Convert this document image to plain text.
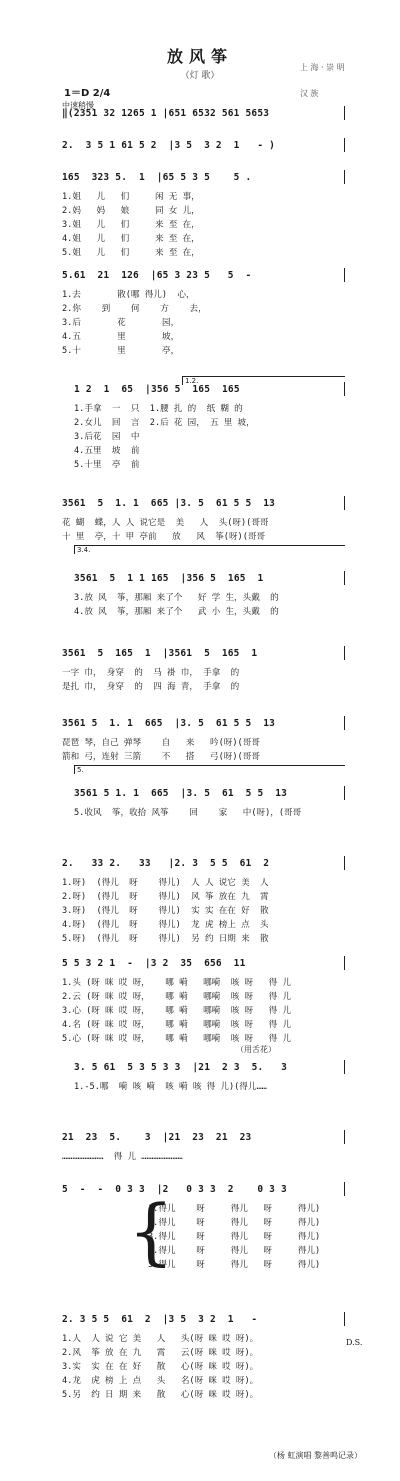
放风筝
（灯 歌）
上 海 · 崇 明
汉 族
1＝D 2/4
中速稍慢
‖(2351 32 1265 1 |651 6532 561 5653
2.  3 5 1 61 5 2  |3 5  3 2  1   - )
165  323 5.  1  |65 5 3 5    5 .
1.姐   儿   们     闲 无 事，
2.妈   妈   娘     同 女 儿，
3.姐   儿   们     来 至 在，
4.姐   儿   们     来 至 在，
5.姐   儿   们     来 至 在，
5.61  21  126  |65 3 23 5   5  -
1.去       散(哪 得儿)  心，
2.你    到    何    方    去，
3.后       花       园，
4.五       里       坡，
5.十       里       亭，
1 2  1  65  |356 5  165  165
1.手拿  一  只  1.腰 扎 的  纸 糊 的
2.女儿  回  言  2.后 花 园， 五 里 坡，
3.后花  园  中
4.五里  坡  前
5.十里  亭  前
3561  5  1. 1  665 |3. 5  61 5 5  13
花 蝴  蝶，人 人 说它是  美   人  头(呀)(哥哥
十 里  亭，十 甲 亭前   放   风  筝(呀)(哥哥
3561  5  1 1 165  |356 5  165  1
3.放 风  筝，那厢 来了个   好 学 生，头戴  的
4.放 风  筝，那厢 来了个   武 小 生，头戴  的
3561  5  165  1  |3561  5  165  1
一字 巾， 身穿  的  马 褂 巾， 手拿  的
是扎 巾， 身穿  的  四 海 青， 手拿  的
3561 5  1. 1  665  |3. 5  61 5 5  13
琵琶 琴，自己 弹琴    自   来   吟(呀)(哥哥
箭和 弓，连射 三箭    不   搭   弓(呀)(哥哥
3561 5 1. 1  665  |3. 5  61  5 5  13
5.收风  筝，收拾 风筝    回    家   中(呀)，(哥哥
2.   33 2.   33   |2. 3  5 5  61  2
1.呀)  (得儿  呀    得儿)  人 人 说它 美  人
2.呀)  (得儿  呀    得儿)  风 筝 放在 九  霄
3.呀)  (得儿  呀    得儿)  实 实 在在 好  散
4.呀)  (得儿  呀    得儿)  龙 虎 榜上 点  头
5.呀)  (得儿  呀    得儿)  另 约 日期 来  散
5 5 3 2 1  -  |3 2  35  656  11
1.头 (呀 咪 哎 呀，   哪 嗬   哪嗬  咳 呀   得 儿
2.云 (呀 咪 哎 呀，   哪 嗬   哪嗬  咳 呀   得 儿
3.心 (呀 咪 哎 呀，   哪 嗬   哪嗬  咳 呀   得 儿
4.名 (呀 咪 哎 呀，   哪 嗬   哪嗬  咳 呀   得 儿
5.心 (呀 咪 哎 呀，   哪 嗬   哪嗬  咳 呀   得 儿
3. 5 61  5 3 5 3 3  |21  2 3  5.   3
1.-5.哪  嗬 咳 嗬  咳 嗬 咳 得 儿)(得儿……
（用舌花）
21  23  5.    3  |21  23  21  23
……………………  得 儿 ……………………
5  -  -  0 3 3  |2   0 3 3  2    0 3 3
1.得儿    呀     得儿   呀     得儿)
2.得儿    呀     得儿   呀     得儿)
3.得儿    呀     得儿   呀     得儿)
4.得儿    呀     得儿   呀     得儿)
5.得儿    呀     得儿   呀     得儿)
2. 3 5 5  61  2  |3 5  3 2  1   -
1.人  人 说 它 美   人   头(呀 咪 哎 呀)。
2.风  筝 放 在 九   霄   云(呀 咪 哎 呀)。
3.实  实 在 在 好   散   心(呀 咪 哎 呀)。
4.龙  虎 榜 上 点   头   名(呀 咪 哎 呀)。
5.另  约 日 期 来   散   心(呀 咪 哎 呀)。
D.S.
1.2.
3.4.
5.
{
（杨 虹演唱 黎善鸣记录）
